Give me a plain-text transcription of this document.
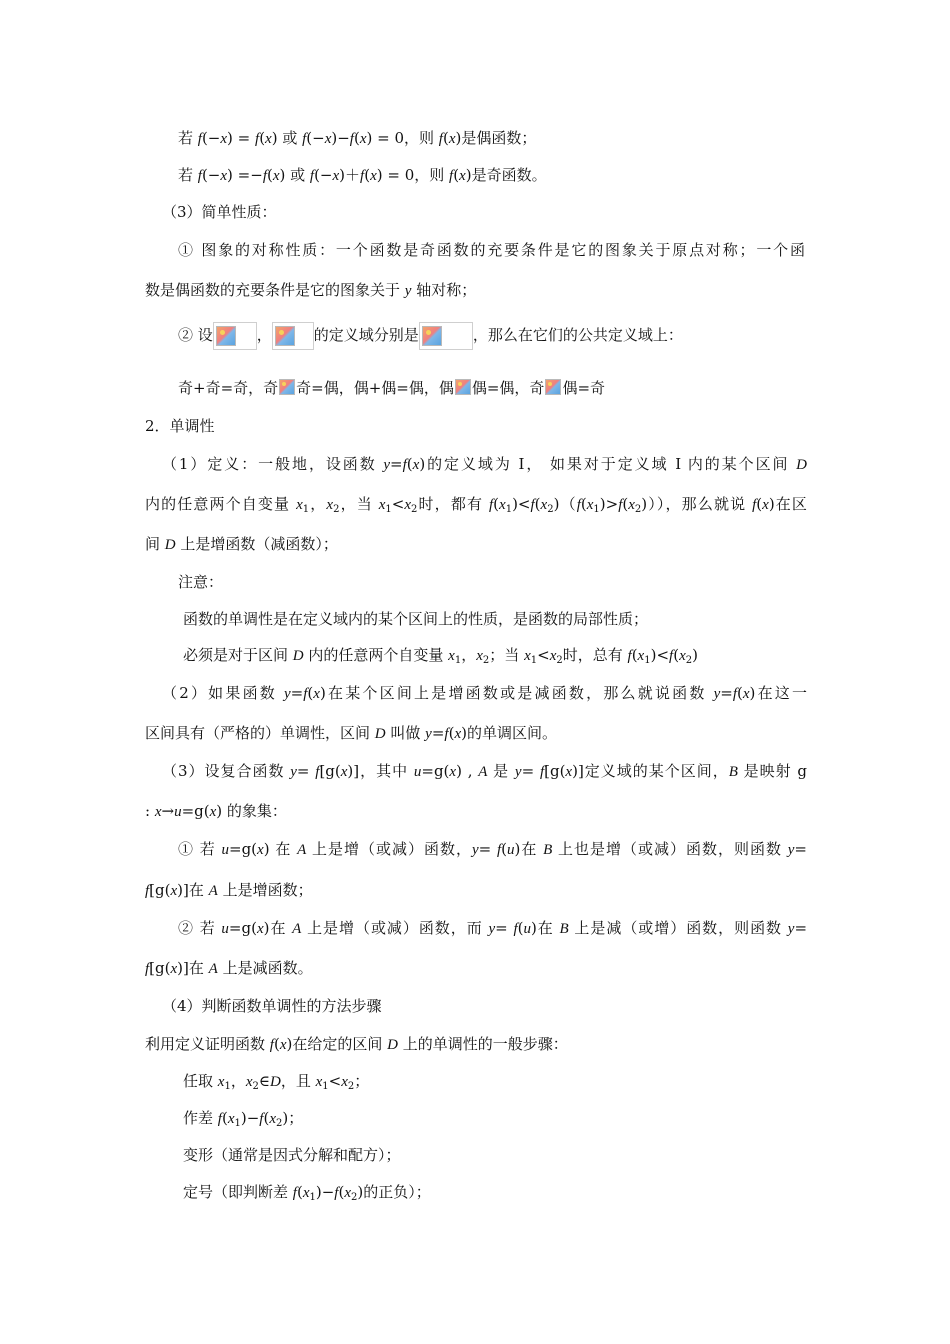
若 f(−x) = f(x) 或 f(−x)−f(x) = 0，则 f(x)是偶函数；
若 f(−x) =−f(x) 或 f(−x)＋f(x) = 0，则 f(x)是奇函数。
（3）简单性质：
① 图象的对称性质：一个函数是奇函数的充要条件是它的图象关于原点对称；一个函
数是偶函数的充要条件是它的图象关于 y 轴对称；
② 设	，	的定义域分别是	，那么在它们的公共定义域上：
奇+奇=奇，奇 奇=偶，偶+偶=偶，偶 偶=偶，奇 偶=奇
2．单调性
（1）定义：一般地，设函数 y=f(x)的定义域为 I， 如果对于定义域 I 内的某个区间 D
内的任意两个自变量 $x_1$，$x_2$，当 $x_1<x_2$时，都有 $f(x_1)<f(x_2)(f(x_1)>f(x_2))$），那么就说 f(x)在区
间 D 上是增函数（减函数）；
注意：
函数的单调性是在定义域内的某个区间上的性质，是函数的局部性质；
必须是对于区间 D 内的任意两个自变量 $x_1$，$x_2$；当 $x_1<x_2$时，总有 $f(x_1)<f(x_2)$
（2）如果函数 y=f(x)在某个区间上是增函数或是减函数，那么就说函数 y=f(x)在这一
区间具有（严格的）单调性，区间 D 叫做 y=f(x)的单调区间。
（3）设复合函数 y= f[g(x)]，其中 u=g(x) , A 是 y= f[g(x)]定义域的某个区间，B 是映射 g
: x→u=g(x) 的象集：
① 若 u=g(x) 在 A 上是增（或减）函数，y= f(u)在 B 上也是增（或减）函数，则函数 y=
f[g(x)]在 A 上是增函数；
② 若 u=g(x)在 A 上是增（或减）函数，而 y= f(u)在 B 上是减（或增）函数，则函数 y=
f[g(x)]在 A 上是减函数。
（4）判断函数单调性的方法步骤
利用定义证明函数 f(x)在给定的区间 D 上的单调性的一般步骤：
任取 $x_1$，$x_2\in D$，且 $x_1<x_2$；
作差 $f(x_1)-f(x_2)$；
变形（通常是因式分解和配方）；
定号（即判断差 $f(x_1)-f(x_2)$的正负）；
